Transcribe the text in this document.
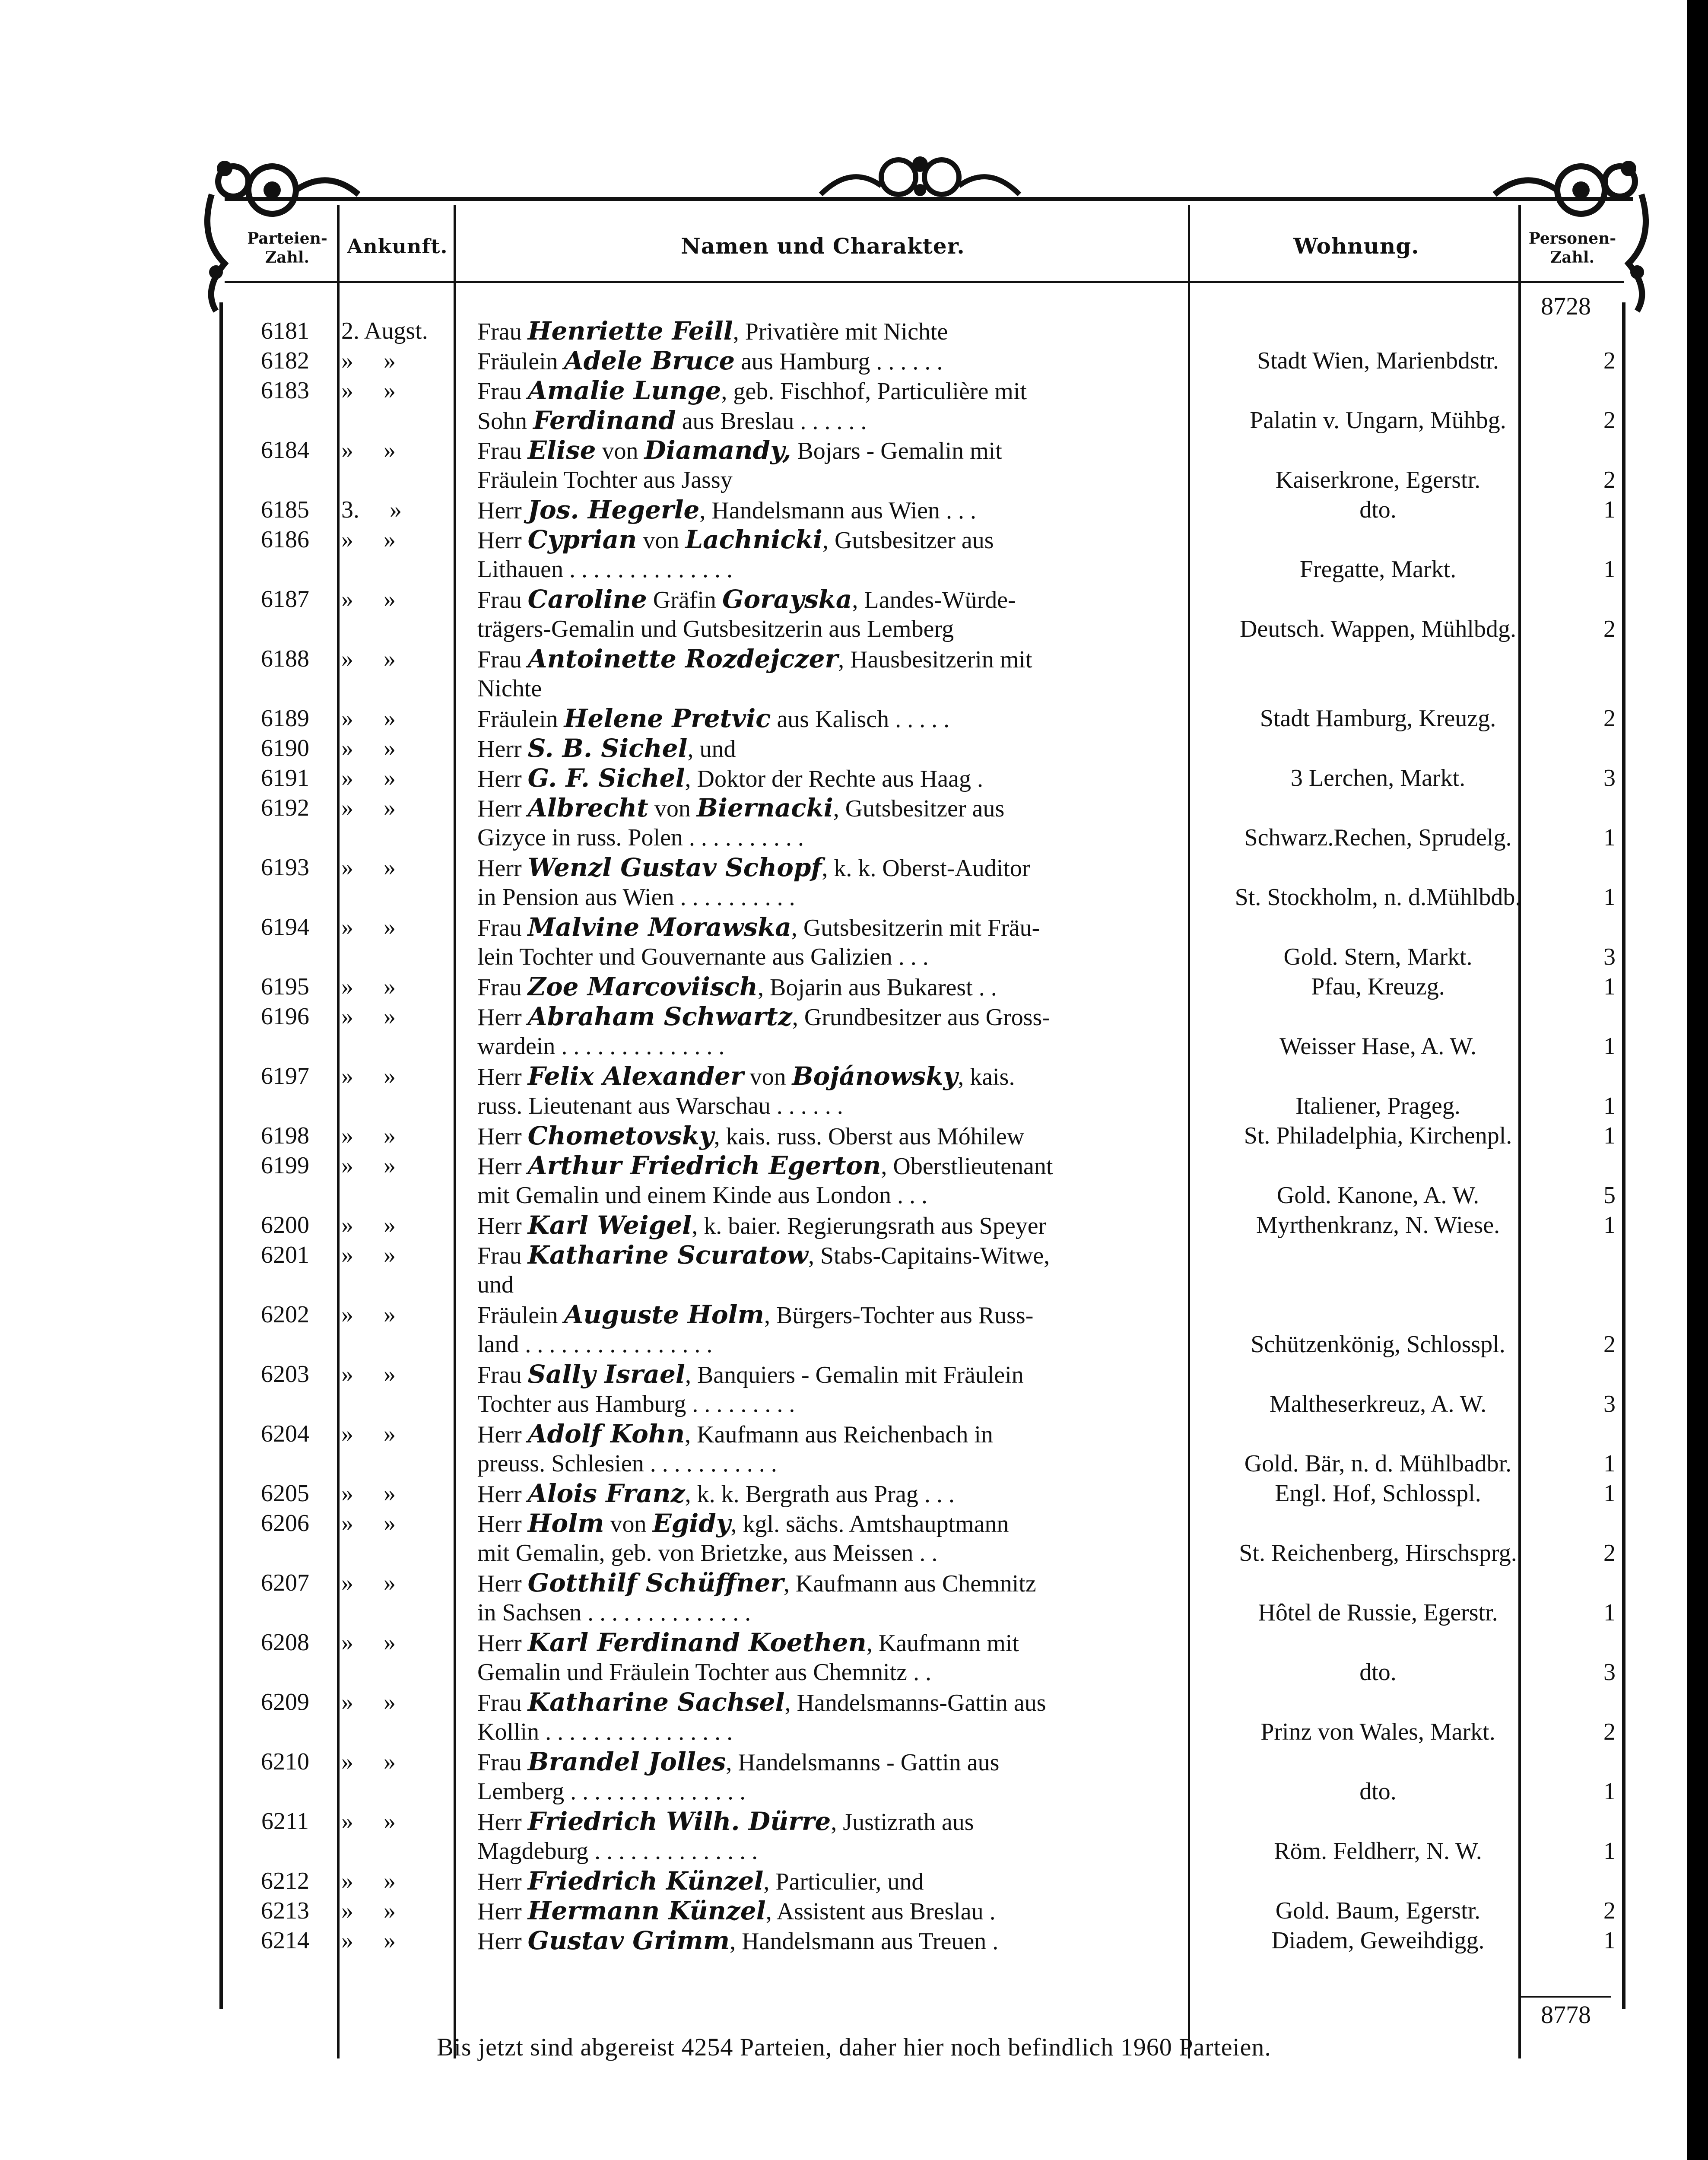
Parteien-
Zahl.	Ankunft.	Namen und Charakter.	Wohnung.	Personen-
Zahl.
8728
6181	2. Augst.	Frau Henriette Feill, Privatière mit Nichte
6182	»     »	Fräulein Adele Bruce aus Hamburg . . . . . .	Stadt Wien, Marienbdstr.	2
6183	»     »	Frau Amalie Lunge, geb. Fischhof, Particulière mit
Sohn Ferdinand aus Breslau . . . . . .	Palatin v. Ungarn, Mühbg.	2
6184	»     »	Frau Elise von Diamandy, Bojars - Gemalin mit
Fräulein Tochter aus Jassy	Kaiserkrone, Egerstr.	2
6185	3.     »	Herr Jos. Hegerle, Handelsmann aus Wien . . .	dto.	1
6186	»     »	Herr Cyprian von Lachnicki, Gutsbesitzer aus
Lithauen . . . . . . . . . . . . . .	Fregatte, Markt.	1
6187	»     »	Frau Caroline Gräfin Gorayska, Landes-Würde-
trägers-Gemalin und Gutsbesitzerin aus Lemberg	Deutsch. Wappen, Mühlbdg.	2
6188	»     »	Frau Antoinette Rozdejczer, Hausbesitzerin mit
Nichte
6189	»     »	Fräulein Helene Pretvic aus Kalisch . . . . .	Stadt Hamburg, Kreuzg.	2
6190	»     »	Herr S. B. Sichel, und
6191	»     »	Herr G. F. Sichel, Doktor der Rechte aus Haag .	3 Lerchen, Markt.	3
6192	»     »	Herr Albrecht von Biernacki, Gutsbesitzer aus
Gizyce in russ. Polen . . . . . . . . . .	Schwarz.Rechen, Sprudelg.	1
6193	»     »	Herr Wenzl Gustav Schopf, k. k. Oberst-Auditor
in Pension aus Wien . . . . . . . . . .	St. Stockholm, n. d.Mühlbdb.	1
6194	»     »	Frau Malvine Morawska, Gutsbesitzerin mit Fräu-
lein Tochter und Gouvernante aus Galizien . . .	Gold. Stern, Markt.	3
6195	»     »	Frau Zoe Marcoviisch, Bojarin aus Bukarest . .	Pfau, Kreuzg.	1
6196	»     »	Herr Abraham Schwartz, Grundbesitzer aus Gross-
wardein . . . . . . . . . . . . . .	Weisser Hase, A. W.	1
6197	»     »	Herr Felix Alexander von Bojánowsky, kais.
russ. Lieutenant aus Warschau . . . . . .	Italiener, Prageg.	1
6198	»     »	Herr Chometovsky, kais. russ. Oberst aus Móhilew	St. Philadelphia, Kirchenpl.	1
6199	»     »	Herr Arthur Friedrich Egerton, Oberstlieutenant
mit Gemalin und einem Kinde aus London . . .	Gold. Kanone, A. W.	5
6200	»     »	Herr Karl Weigel, k. baier. Regierungsrath aus Speyer	Myrthenkranz, N. Wiese.	1
6201	»     »	Frau Katharine Scuratow, Stabs-Capitains-Witwe,
und
6202	»     »	Fräulein Auguste Holm, Bürgers-Tochter aus Russ-
land . . . . . . . . . . . . . . . .	Schützenkönig, Schlosspl.	2
6203	»     »	Frau Sally Israel, Banquiers - Gemalin mit Fräulein
Tochter aus Hamburg . . . . . . . . .	Maltheserkreuz, A. W.	3
6204	»     »	Herr Adolf Kohn, Kaufmann aus Reichenbach in
preuss. Schlesien . . . . . . . . . . .	Gold. Bär, n. d. Mühlbadbr.	1
6205	»     »	Herr Alois Franz, k. k. Bergrath aus Prag . . .	Engl. Hof, Schlosspl.	1
6206	»     »	Herr Holm von Egidy, kgl. sächs. Amtshauptmann
mit Gemalin, geb. von Brietzke, aus Meissen . .	St. Reichenberg, Hirschsprg.	2
6207	»     »	Herr Gotthilf Schüffner, Kaufmann aus Chemnitz
in Sachsen . . . . . . . . . . . . . .	Hôtel de Russie, Egerstr.	1
6208	»     »	Herr Karl Ferdinand Koethen, Kaufmann mit
Gemalin und Fräulein Tochter aus Chemnitz . .	dto.	3
6209	»     »	Frau Katharine Sachsel, Handelsmanns-Gattin aus
Kollin . . . . . . . . . . . . . . . .	Prinz von Wales, Markt.	2
6210	»     »	Frau Brandel Jolles, Handelsmanns - Gattin aus
Lemberg . . . . . . . . . . . . . . .	dto.	1
6211	»     »	Herr Friedrich Wilh. Dürre, Justizrath aus
Magdeburg . . . . . . . . . . . . . .	Röm. Feldherr, N. W.	1
6212	»     »	Herr Friedrich Künzel, Particulier, und
6213	»     »	Herr Hermann Künzel, Assistent aus Breslau .	Gold. Baum, Egerstr.	2
6214	»     »	Herr Gustav Grimm, Handelsmann aus Treuen .	Diadem, Geweihdigg.	1
8778
Bis jetzt sind abgereist 4254 Parteien, daher hier noch befindlich 1960 Parteien.
